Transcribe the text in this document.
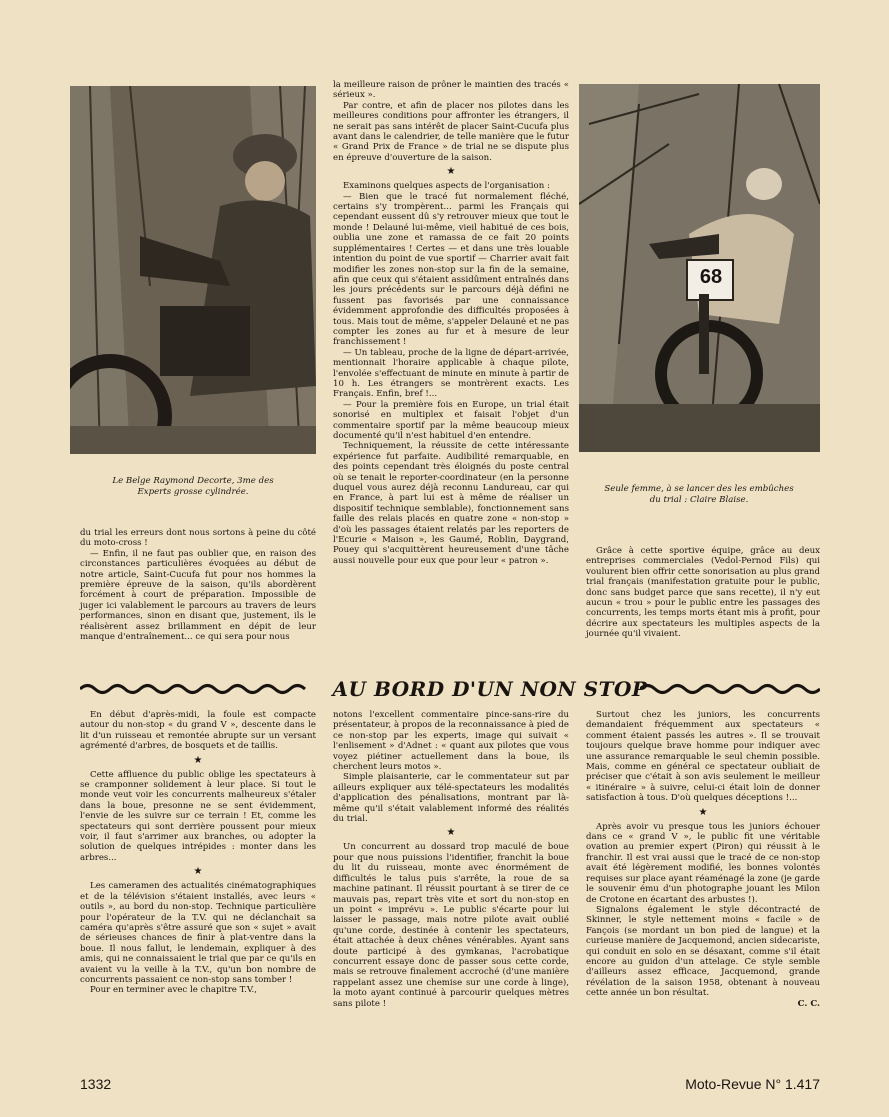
Le Belge Raymond Decorte, 3me des Experts grosse cylindrée.
68
Seule femme, à se lancer des les embûches du trial : Claire Blaise.

la meilleure raison de prôner le maintien des tracés « sérieux ».

Par contre, et afin de placer nos pilotes dans les meilleures conditions pour affronter les étrangers, il ne serait pas sans intérêt de placer Saint-Cucufa plus avant dans le calendrier, de telle manière que le futur « Grand Prix de France » de trial ne se dispute plus en épreuve d'ouverture de la saison.

★

Examinons quelques aspects de l'organisation :

— Bien que le tracé fut normalement fléché, certains s'y trompèrent... parmi les Français qui cependant eussent dû s'y retrouver mieux que tout le monde ! Delauné lui-même, vieil habitué de ces bois, oublia une zone et ramassa de ce fait 20 points supplémentaires ! Certes — et dans une très louable intention du point de vue sportif — Charrier avait fait modifier les zones non-stop sur la fin de la semaine, afin que ceux qui s'étaient assidûment entraînés dans les jours précédents sur le parcours déjà défini ne fussent pas favorisés par une connaissance évidemment approfondie des difficultés proposées à tous. Mais tout de même, s'appeler Delaunė et ne pas compter les zones au fur et à mesure de leur franchissement !

— Un tableau, proche de la ligne de départ-arrivée, mentionnait l'horaire applicable à chaque pilote, l'envolée s'effectuant de minute en minute à partir de 10 h. Les étrangers se montrèrent exacts. Les Français. Enfin, bref !...

— Pour la première fois en Europe, un trial était sonorisé en multiplex et faisait l'objet d'un commentaire sportif par la même beaucoup mieux documenté qu'il n'est habituel d'en entendre.

Techniquement, la réussite de cette intéressante expérience fut parfaite. Audibilité remarquable, en des points cependant très éloignés du poste central où se tenait le reporter-coordinateur (en la personne duquel vous aurez déjà reconnu Landureau, car qui en France, à part lui est à même de réaliser un dispositif technique semblable), fonctionnement sans faille des relais placés en quatre zone « non-stop » d'où les passages étaient relatés par les reporters de l'Ecurie « Maison », les Gaumé, Roblin, Daygrand, Pouey qui s'acquittèrent heureusement d'une tâche aussi nouvelle pour eux que pour leur « patron ».

du trial les erreurs dont nous sortons à peine du côté du moto-cross !

— Enfin, il ne faut pas oublier que, en raison des circonstances particulières évoquées au début de notre article, Saint-Cucufa fut pour nos hommes la première épreuve de la saison, qu'ils abordèrent forcément à court de préparation. Impossible de juger ici valablement le parcours au travers de leurs performances, sinon en disant que, justement, ils le réalisèrent assez brillamment en dépit de leur manque d'entraînement... ce qui sera pour nous

Grâce à cette sportive équipe, grâce au deux entreprises commerciales (Vedol-Pernod Fils) qui voulurent bien offrir cette sonorisation au plus grand trial français (manifestation gratuite pour le public, donc sans budget parce que sans recette), il n'y eut aucun « trou » pour le public entre les passages des concurrents, les temps morts étant mis à profit, pour décrire aux spectateurs les multiples aspects de la journée qu'il vivaient.

AU BORD D'UN NON STOP

En début d'après-midi, la foule est compacte autour du non-stop « du grand V », descente dans le lit d'un ruisseau et remontée abrupte sur un versant agrémenté d'arbres, de bosquets et de taillis.

★

Cette affluence du public oblige les spectateurs à se cramponner solidement à leur place. Si tout le monde veut voir les concurrents malheureux s'étaler dans la boue, presonne ne se sent évidemment, l'envie de les suivre sur ce terrain ! Et, comme les spectateurs qui sont derrière poussent pour mieux voir, il faut s'arrimer aux branches, ou adopter la solution de quelques intrépides : monter dans les arbres...

★

Les cameramen des actualités cinématographiques et de la télévision s'étaient installés, avec leurs « outils », au bord du non-stop. Technique particulière pour l'opérateur de la T.V. qui ne déclanchait sa caméra qu'après s'être assuré que son « sujet » avait de sérieuses chances de finir à plat-ventre dans la boue. Il nous fallut, le lendemain, expliquer à des amis, qui ne connaissaient le trial que par ce qu'ils en avaient vu la veille à la T.V., qu'un bon nombre de concurrents passaient ce non-stop sans tomber !

Pour en terminer avec le chapitre T.V.,

notons l'excellent commentaire pince-sans-rire du présentateur, à propos de la reconnaissance à pied de ce non-stop par les experts, image qui suivait « l'enlisement » d'Adnet : « quant aux pilotes que vous voyez piétiner actuellement dans la boue, ils cherchent leurs motos ».

Simple plaisanterie, car le commentateur sut par ailleurs expliquer aux télé-spectateurs les modalités d'application des pénalisations, montrant par là-même qu'il s'était valablement informé des réalités du trial.

★

Un concurrent au dossard trop maculé de boue pour que nous puissions l'identifier, franchit la boue du lit du ruisseau, monte avec énormément de difficultés le talus puis s'arrête, la roue de sa machine patinant. Il réussit pourtant à se tirer de ce mauvais pas, repart très vite et sort du non-stop en un point « imprévu ». Le public s'écarte pour lui laisser le passage, mais notre pilote avait oublié qu'une corde, destinée à contenir les spectateurs, était attachée à deux chênes vénérables. Ayant sans doute participé à des gymkanas, l'acrobatique concurrent essaye donc de passer sous cette corde, mais se retrouve finalement accroché (d'une manière rappelant assez une chemise sur une corde à linge), la moto ayant continué à parcourir quelques mètres sans pilote !

Surtout chez les juniors, les concurrents demandaient fréquemment aux spectateurs « comment étaient passés les autres ». Il se trouvait toujours quelque brave homme pour indiquer avec une assurance remarquable le seul chemin possible. Mais, comme en général ce spectateur oubliait de préciser que c'était à son avis seulement le meilleur « itinéraire » à suivre, celui-ci était loin de donner satisfaction à tous. D'où quelques déceptions !...

★

Après avoir vu presque tous les juniors échouer dans ce « grand V », le public fit une véritable ovation au premier expert (Piron) qui réussit à le franchir. Il est vrai aussi que le tracé de ce non-stop avait été légèrement modifié, les bonnes volontés requises sur place ayant réaménagé la zone (je garde le souvenir ému d'un photographe jouant les Milon de Crotone en écartant des arbustes !).

Signalons également le style décontracté de Skinner, le style nettement moins « facile » de Fançois (se mordant un bon pied de langue) et la curieuse manière de Jacquemond, ancien sidecariste, qui conduit en solo en se désaxant, comme s'il était encore au guidon d'un attelage. Ce style semble d'ailleurs assez efficace, Jacquemond, grande révélation de la saison 1958, obtenant à nouveau cette année un bon résultat.

C. C.
1332	Moto-Revue N° 1.417
